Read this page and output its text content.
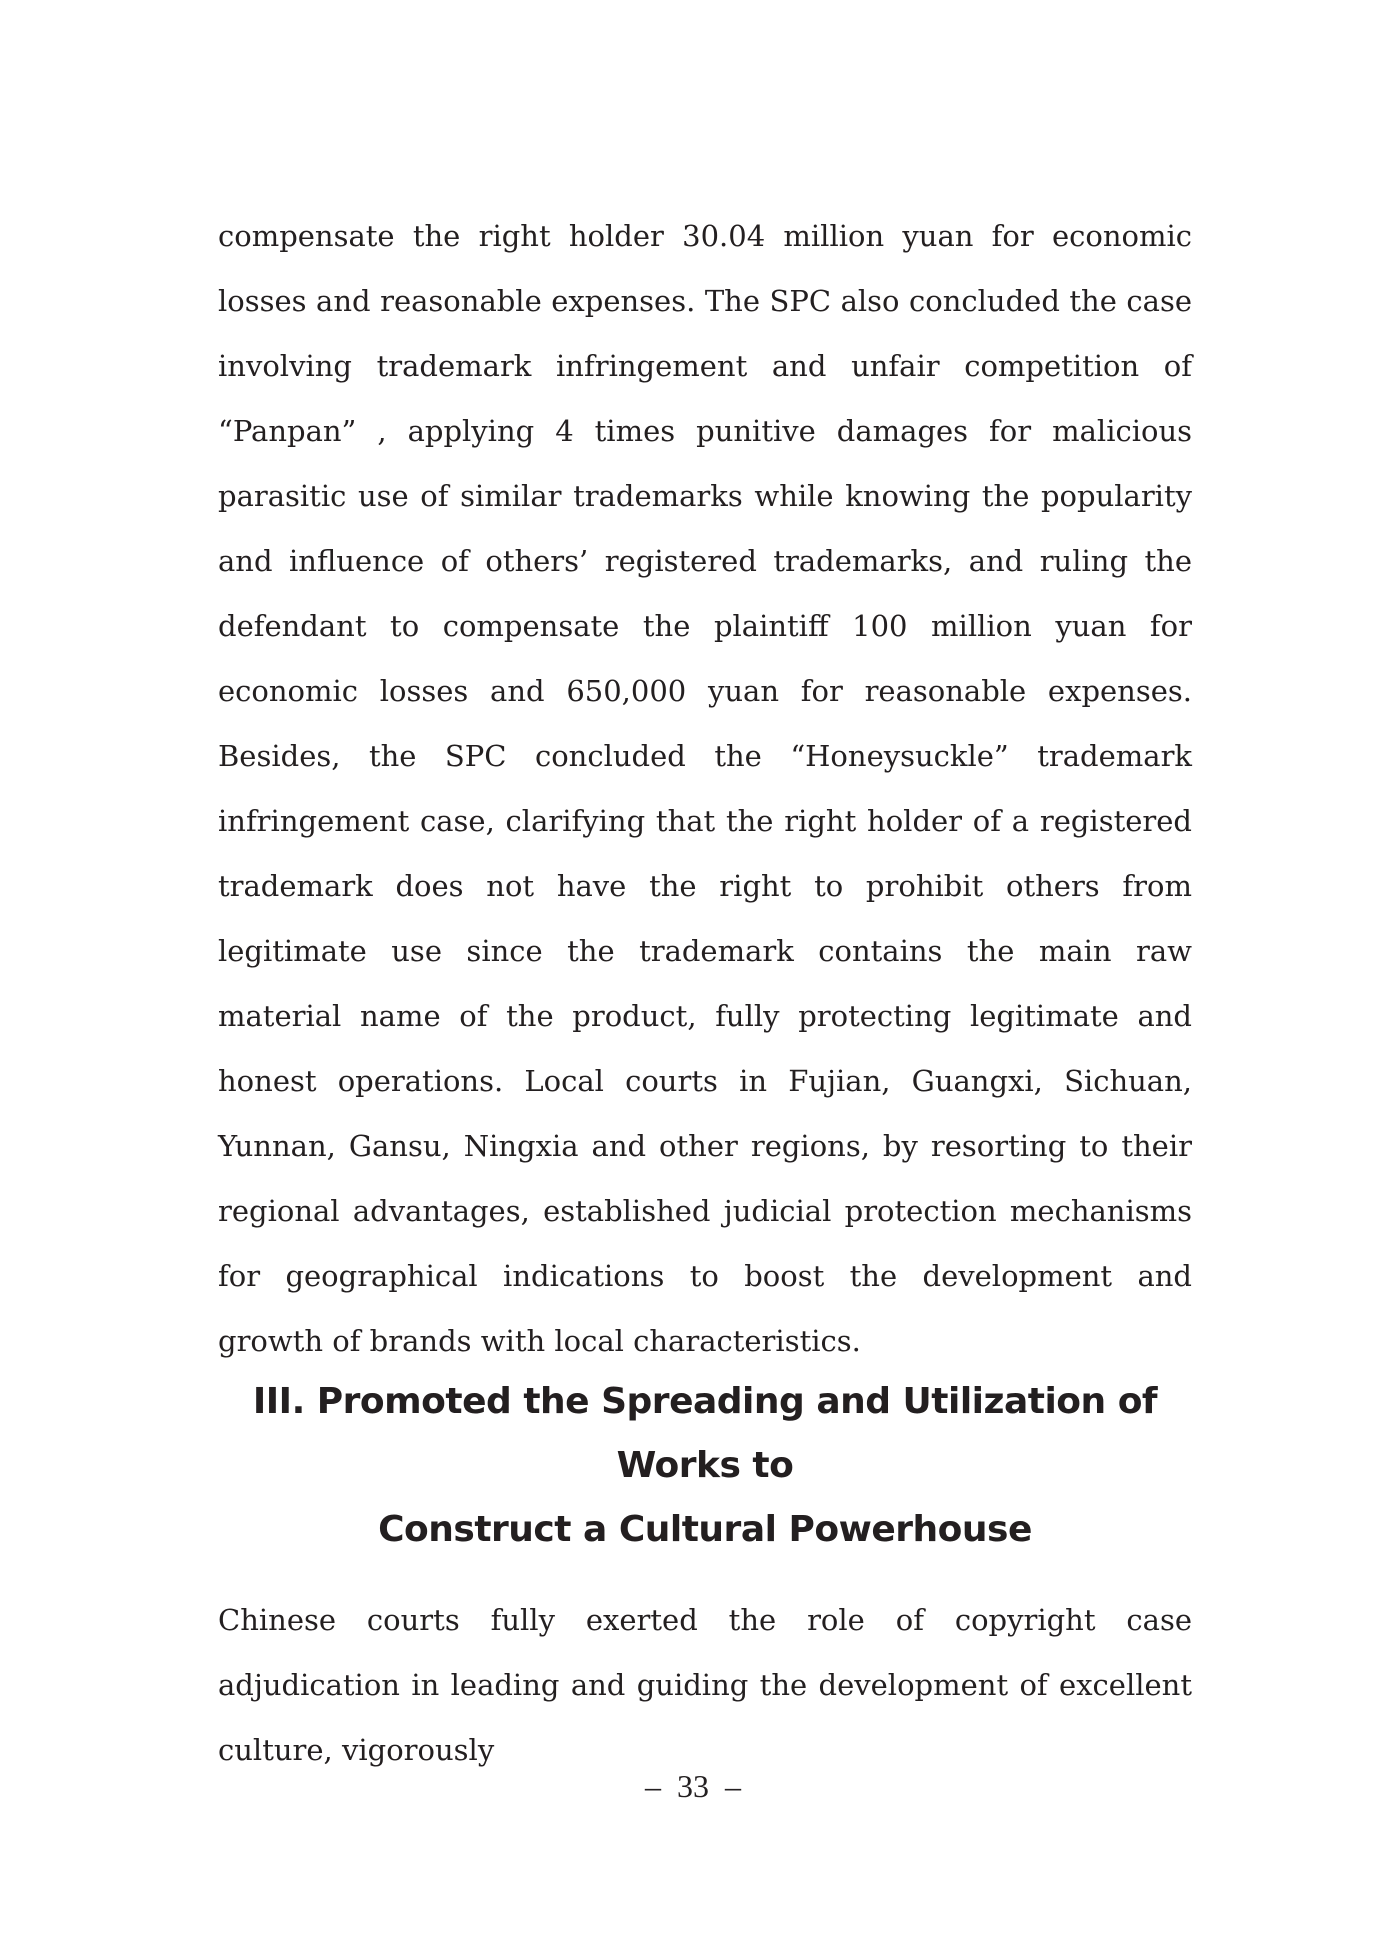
compensate the right holder 30.04 million yuan for economic losses and reasonable expenses. The SPC also concluded the case involving trademark infringement and unfair competition of “Panpan” , applying 4 times punitive damages for malicious parasitic use of similar trademarks while knowing the popularity and influence of others’ registered trademarks, and ruling the defendant to compensate the plaintiff 100 million yuan for economic losses and 650,000 yuan for reasonable expenses. Besides, the SPC concluded the “Honeysuckle” trademark infringement case, clarifying that the right holder of a registered trademark does not have the right to prohibit others from legitimate use since the trademark contains the main raw material name of the product, fully protecting legitimate and honest operations. Local courts in Fujian, Guangxi, Sichuan, Yunnan, Gansu, Ningxia and other regions, by resorting to their regional advantages, established judicial protection mechanisms for geographical indications to boost the development and growth of brands with local characteristics.

III. Promoted the Spreading and Utilization of Works to
Construct a Cultural Powerhouse

Chinese courts fully exerted the role of copyright case adjudication in leading and guiding the development of excellent culture, vigorously

– 33 –
